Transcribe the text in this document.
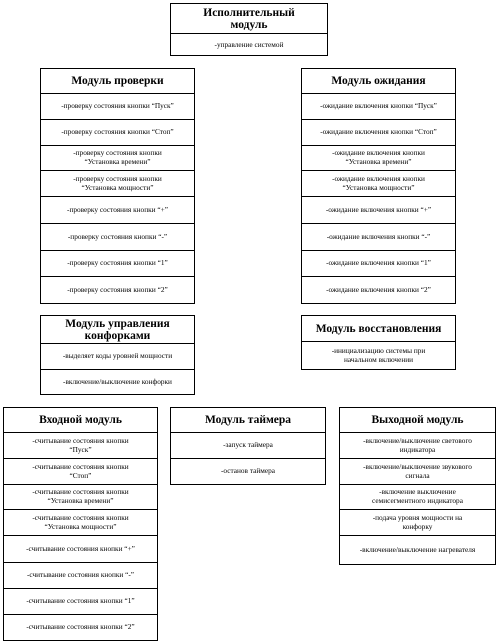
Исполнительный модуль
-управление системой
Модуль проверки
-проверку состояния кнопки “Пуск”
-проверку состояния кнопки “Стоп”
-проверку состояния кнопки
“Установка времени”
-проверку состояния кнопки
“Установка мощности”
-проверку состояния кнопки “+”
-проверку состояния кнопки “-”
-проверку состояния кнопки “1”
-проверку состояния кнопки “2”
Модуль ожидания
-ожидание включения кнопки “Пуск”
-ожидание включения кнопки “Стоп”
-ожидание включения кнопки
“Установка времени”
-ожидание включения кнопки
“Установка мощности”
-ожидание включения кнопки “+”
-ожидание включения кнопки “-”
-ожидание включения кнопки “1”
-ожидание включения кнопки “2”
Модуль управления
конфорками
-выделяет коды уровней мощности
-включение/выключение конфорки
Модуль восстановления
-инициализацию системы при
начальном включении
Входной модуль
-считывание состояния кнопки
“Пуск”
-считывание состояния кнопки
“Стоп”
-считывание состояния кнопки
“Установка времени”
-считывание состояния кнопки
“Установка мощности”
-считывание состояния кнопки “+”
-считывание состояния кнопки “-”
-считывание состояния кнопки “1”
-считывание состояния кнопки “2”
Модуль таймера
-запуск таймера
-останов таймера
Выходной модуль
-включение/выключение светового
индикатора
-включение/выключение звукового
сигнала
-включение выключение
семисегментного индикатора
-подача уровня мощности на
конфорку
-включение/выключение нагревателя
